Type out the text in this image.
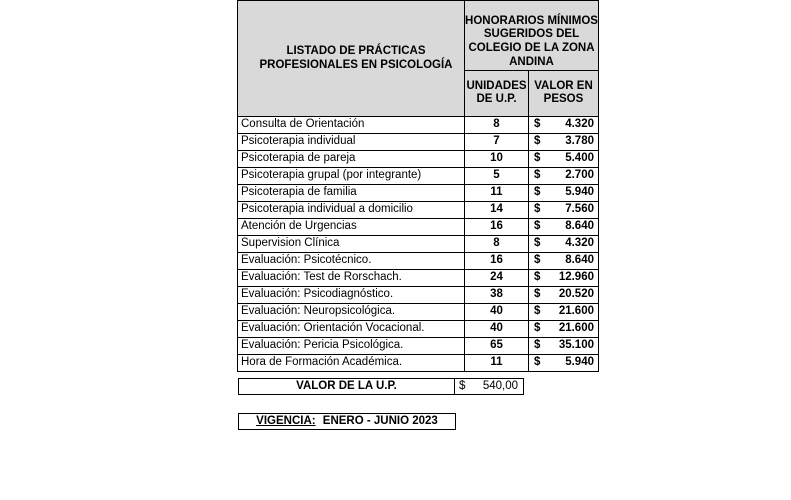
LISTADO DE PRÁCTICAS PROFESIONALES EN PSICOLOGÍA	HONORARIOS MÍNIMOS SUGERIDOS DEL COLEGIO DE LA ZONA ANDINA	
	UNIDADES DE U.P.	VALOR EN PESOS
Consulta de Orientación	8	$ 4.320

Psicoterapia individual	7	$ 3.780

Psicoterapia de pareja	10	$ 5.400

Psicoterapia grupal (por integrante)	5	$ 2.700

Psicoterapia de familia	11	$ 5.940

Psicoterapia individual a domicilio	14	$ 7.560

Atención de Urgencias	16	$ 8.640

Supervision Clínica	8	$ 4.320

Evaluación: Psicotécnico.	16	$ 8.640

Evaluación: Test de Rorschach.	24	$ 12.960

Evaluación: Psicodiagnóstico.	38	$ 20.520

Evaluación: Neuropsicológica.	40	$ 21.600

Evaluación: Orientación Vocacional.	40	$ 21.600

Evaluación: Pericia Psicológica.	65	$ 35.100

Hora de Formación Académica.	11	$ 5.940
VALOR DE LA U.P.	$ 540,00
VIGENCIA: ENERO - JUNIO 2023
